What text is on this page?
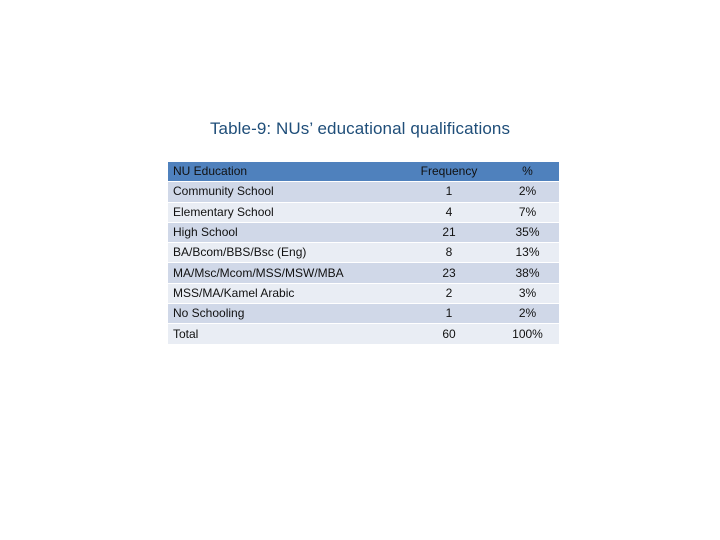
Table-9: NUs’ educational qualifications
NU Education	Frequency	%
Community School	1	2%
Elementary School	4	7%
High School	21	35%
BA/Bcom/BBS/Bsc (Eng)	8	13%
MA/Msc/Mcom/MSS/MSW/MBA	23	38%
MSS/MA/Kamel Arabic	2	3%
No Schooling	1	2%
Total	60	100%
